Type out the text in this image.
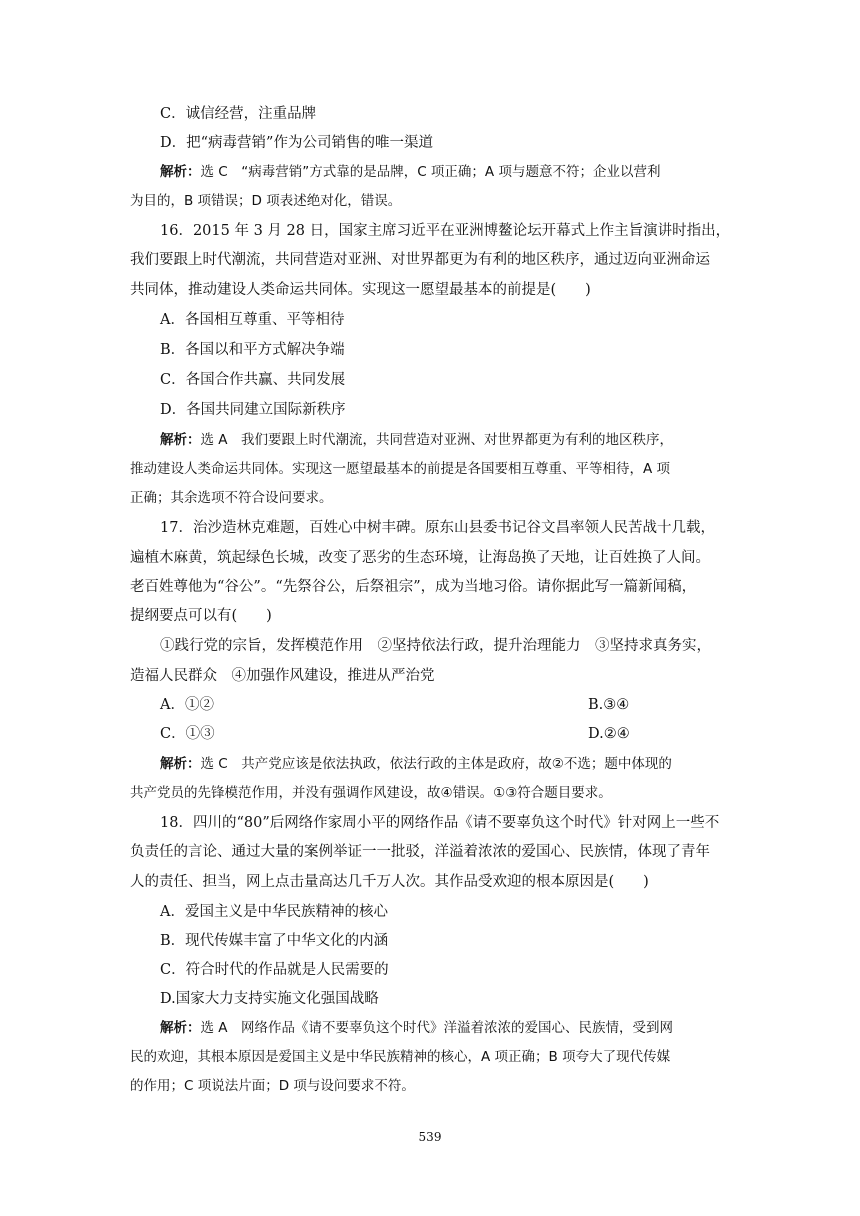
C．诚信经营，注重品牌
D．把“病毒营销”作为公司销售的唯一渠道
解析：选 C　“病毒营销”方式靠的是品牌，C 项正确；A 项与题意不符；企业以营利
为目的，B 项错误；D 项表述绝对化，错误。
16．2015 年 3 月 28 日，国家主席习近平在亚洲博鳌论坛开幕式上作主旨演讲时指出，
我们要跟上时代潮流，共同营造对亚洲、对世界都更为有利的地区秩序，通过迈向亚洲命运
共同体，推动建设人类命运共同体。实现这一愿望最基本的前提是(　　)
A．各国相互尊重、平等相待
B．各国以和平方式解决争端
C．各国合作共赢、共同发展
D．各国共同建立国际新秩序
解析：选 A　我们要跟上时代潮流，共同营造对亚洲、对世界都更为有利的地区秩序，
推动建设人类命运共同体。实现这一愿望最基本的前提是各国要相互尊重、平等相待，A 项
正确；其余选项不符合设问要求。
17．治沙造林克难题，百姓心中树丰碑。原东山县委书记谷文昌率领人民苦战十几载，
遍植木麻黄，筑起绿色长城，改变了恶劣的生态环境，让海岛换了天地，让百姓换了人间。
老百姓尊他为“谷公”。“先祭谷公，后祭祖宗”，成为当地习俗。请你据此写一篇新闻稿，
提纲要点可以有(　　)
①践行党的宗旨，发挥模范作用　②坚持依法行政，提升治理能力　③坚持求真务实，
造福人民群众　④加强作风建设，推进从严治党
A．①②	B.③④
C．①③	D.②④
解析：选 C　共产党应该是依法执政，依法行政的主体是政府，故②不选；题中体现的
共产党员的先锋模范作用，并没有强调作风建设，故④错误。①③符合题目要求。
18．四川的“80”后网络作家周小平的网络作品《请不要辜负这个时代》针对网上一些不
负责任的言论、通过大量的案例举证一一批驳，洋溢着浓浓的爱国心、民族情，体现了青年
人的责任、担当，网上点击量高达几千万人次。其作品受欢迎的根本原因是(　　)
A．爱国主义是中华民族精神的核心
B．现代传媒丰富了中华文化的内涵
C．符合时代的作品就是人民需要的
D.国家大力支持实施文化强国战略
解析：选 A　网络作品《请不要辜负这个时代》洋溢着浓浓的爱国心、民族情，受到网
民的欢迎，其根本原因是爱国主义是中华民族精神的核心，A 项正确；B 项夸大了现代传媒
的作用；C 项说法片面；D 项与设问要求不符。
539
